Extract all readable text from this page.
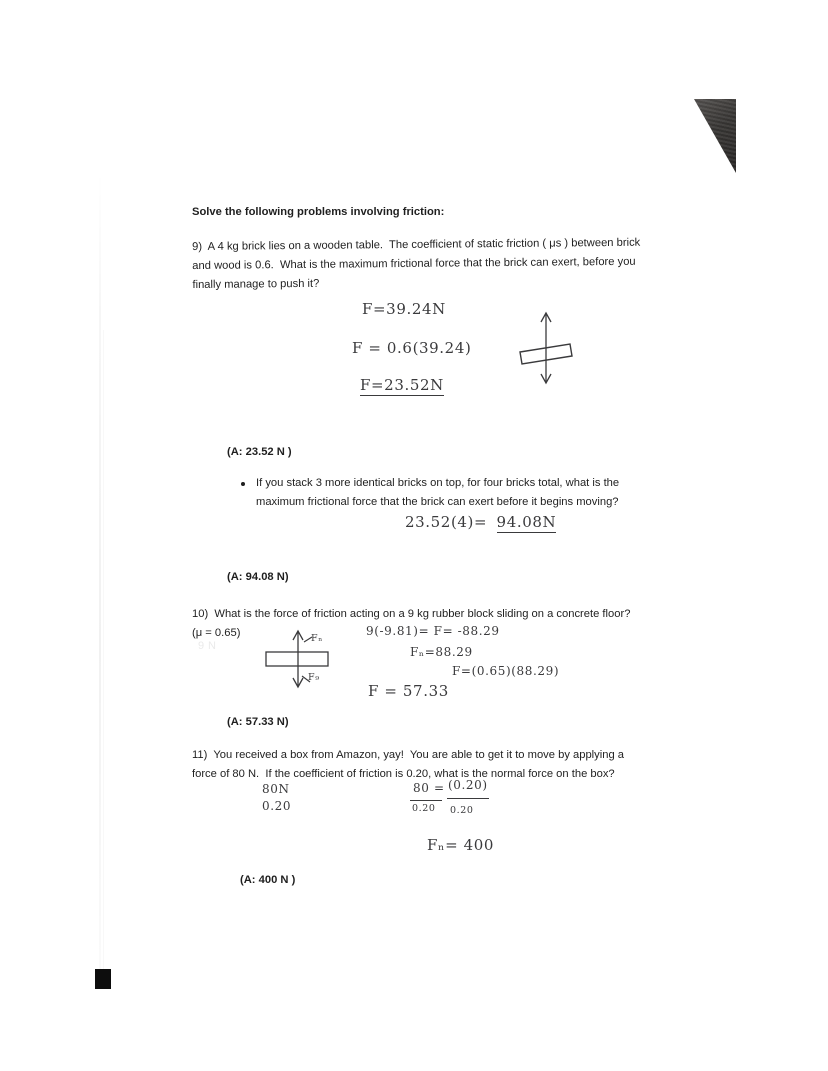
9 N
Solve the following problems involving friction:
9)  A 4 kg brick lies on a wooden table.  The coefficient of static friction ( μs ) between brick and wood is 0.6.  What is the maximum frictional force that the brick can exert, before you finally manage to push it?
F=39.24N
F = 0.6(39.24)
F=23.52N
(A: 23.52 N )
If you stack 3 more identical bricks on top, for four bricks total, what is the maximum frictional force that the brick can exert before it begins moving?
23.52(4)= 94.08N
(A: 94.08 N)
10)  What is the force of friction acting on a 9 kg rubber block sliding on a concrete floor?  (μ = 0.65)	Fₙ
F₉
9(-9.81)= F= -88.29
Fₙ=88.29
F=(0.65)(88.29)
F = 57.33
(A: 57.33 N)
11)  You received a box from Amazon, yay!  You are able to get it to move by applying a force of 80 N.  If the coefficient of friction is 0.20, what is the normal force on the box?
80N
0.20
80 = (0.20)
0.20 0.20
Fₙ= 400
(A: 400 N )
